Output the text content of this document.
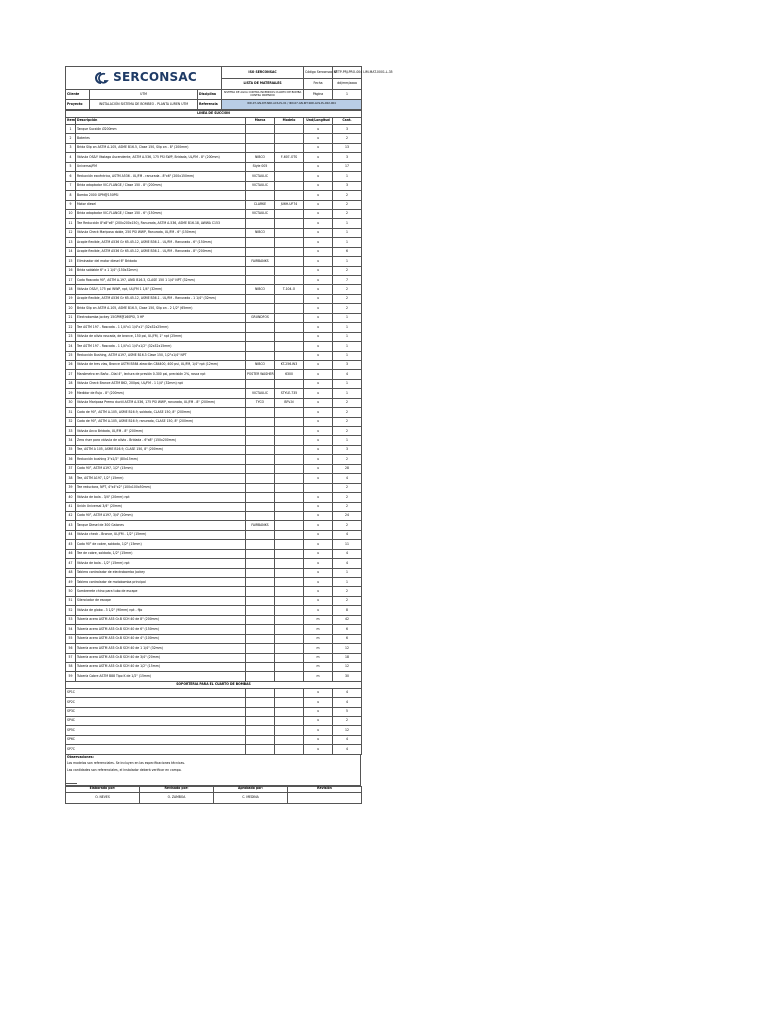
SERCONSAC			ISO SERCONSAC	Código Serconsac N°	SETP-PRJ-PRO-004 LIM-MAT-0001-L-35
			LISTA DE MATERIALES	Fecha	dd/mm/aaaa
Cliente	UTM	Disciplina	SISTEMA DE AGUA CONTRA INCENDIOS CUARTO DE BOMBA CONTRA INCENDIO	Página	1
Proyecto	INSTALACIÓN SISTEMA DE BOMBEO - PLANTA LUREN UTM	Referencia	IRD-07-GN-RIT-SRD-ACS-PL-01 / IRD-07-GN-RIT-SRD-ACS-PL-002-004		
LINEA DE SUCCION					
Item	Descripción	Marca	Modelo	Und/Longitud	Cant.
1	Tanque Sucxión Ø200mm			u	3
2	Bateries			u	2
3	Brida Slip on ASTM A-105, ASME B16.5, Clase 150, Slip on - 8" (200mm)			u	13
4	Válvula OS&Y Vástago Ascendente, ASTM A-536, 175 PSI SWP, Bridada, UL/FM - 8" (200mm)	NIBCO	F-607-OTS	u	3
5	Universal/FM	Style 005		u	17
6	Reducción excéntrica, ASTM A536 - UL/FM - ranurada - 8"x6" (200x150mm)	VICTAULIC		u	1
7	Brida adaptador VIC-FLANGE / Clase 150 - 8" (200mm)	VICTAULIC		u	3
8	Bomba 2000 GPM@150PSI			u	2
9	Motor diesel	CLARKE	JU6H-UF74	u	2
10	Brida adaptador VIC-FLANGE / Clase 150 - 6" (150mm)	VICTAULIC		u	2
11	Tee Reducción 8"x8"x6" (200x200x150), Ranurada, ASTM A-536, ASME B16.18, AWWA C153			u	1
12	Válvula Check Mariposa doble, 250 PSI WWP, Ranurada, UL/FM - 6" (150mm)	NIBCO		u	1
13	Acople flexible, ASTM A536 Gr 65-45-12, ASME B36.1 - UL/FM - Ranurado - 6" (150mm)			u	1
14	Acople flexible, ASTM A536 Gr 65-45-12, ASME B36.1 - UL/FM - Ranurado - 8" (200mm)			u	6
15	Eliminador del motor diesel 6" Bridado	FAIRBANKS		u	1
16	Brida soldable 6" x 1 1/4" (150x32mm)			u	2
17	Codo Roscado 90°, ASTM A-197, ANSI B16.3, CLASE 150 1 1/4" NPT (32mm)			u	7
18	Válvula OS&Y, 175 psi WWP, npt, UL/FM 1 1/4" (32mm)	NIBCO	T-104-O	u	2
19	Acople flexible, ASTM A536 Gr 65-45-12, ASME B36.1 - UL/FM - Ranurado - 1 1/4" (32mm)			u	2
20	Brida Slip on ASTM A-105, ASME B16.5, Clase 150, Slip on - 2 1/2" (65mm)			u	2
21	Electrobomba jockey 15GPM@160PSI, 3 HP	GRUNDFOS		u	1
22	Tee ASTM 197 - Roscada - 1 1/4"x1 1/4"x1" (32x32x25mm)			u	1
23	Válvula de alivio roscada, de bronce, 150 psi, UL/FM, 1" npt (25mm)			u	1
24	Tee ASTM 197 - Roscada - 1 1/4"x1 1/4"x1/2" (32x32x15mm)			u	1
25	Reducción Bushing, ASTM A197, ASME B16.3 Clase 150, 1/2"x1/4" NPT			u	1
26	Válvula de tres vías, Bronce ASTM B584 aleación C84400, 400 psi, UL/FM, 1/4" npt (12mm)	NIBCO	KT-256-W3	u	3
27	Manómetro en Baño - Dial 4", lectura de presión 0-300 psi, precisión 2%, rosca npt	POSTER WASHER	6300	u	4
28	Válvula Check Bronce ASTM B62, 200psi, UL/FM - 1 1/4" (32mm) npt			u	1
29	Medidor de flujo - 8" (200mm)	VICTAULIC	STYLE-735	u	1
30	Válvula Mariposa Premo ductil ASTM A-536, 175 PSI WWP, ranurada, UL/FM - 8" (200mm)	TYCO	BFV-N	u	2
31	Codo de 90°, ASTM A-105, ASME B16.9, soldado, CLASE 150, 8" (200mm)			u	2
32	Codo de 90°, ASTM A-105, ASME B16.9, ranurado, CLASE 150, 8" (200mm)			u	2
33	Válvula Anco Bridada, UL/FM - 8" (200mm)			u	2
34	Zero riser para válvula de alivio - Bridada - 6"x8" (150x200mm)			u	1
35	Tee, ASTM A 105, ASME B16.9, CLASE 150, 8" (200mm)			u	3
36	Reducción bushing 3"x1/2" (80x15mm)			u	2
37	Codo 90°, ASTM A197, 1/2" (15mm)			u	28
38	Tee, ASTM A197, 1/2" (15mm)			u	4
39	Tee reductora, NPT, 4"x4"x2" (100x100x50mm)				2
40	Válvula de bola - 3/4" (20mm) npt			u	2
41	Unión Universal 3/4" (20mm)			u	2
42	Codo 90°, ASTM A197, 3/4" (20mm)			u	24
43	Tanque Diesel de 300 Galones	FAIRBANKS		u	2
44	Válvula check - Bronce, UL/FM - 1/2" (15mm)			u	4
45	Codo 90° de cobre, soldado, 1/2" (15mm)			u	11
46	Tee de cobre, soldado, 1/2" (15mm)			u	4
47	Válvula de bola - 1/2" (15mm) npt			u	4
48	Tablero controlador de electrobomba Jockey			u	1
49	Tablero controlador de motobomba principal			u	1
50	Sombrerete chino para tubo de escape			u	2
51	Silenciador de escape			u	2
52	Válvula de globo - 3 1/2" (90mm) npt - fijo			u	8
53	Tubería acero ASTM A53 Gr.B SCH 40 de 8" (200mm)			m	42
54	Tubería acero ASTM A53 Gr.B SCH 40 de 6" (150mm)			m	6
55	Tubería acero ASTM A53 Gr.B SCH 40 de 4" (100mm)			m	6
56	Tubería acero ASTM A53 Gr.B SCH 40 de 1 1/4" (32mm)			m	12
57	Tubería acero ASTM A53 Gr.B SCH 40 de 3/4" (20mm)			m	18
58	Tubería acero ASTM A53 Gr.B SCH 40 de 1/2" (15mm)			m	12
59	Tubería Cobre ASTM B88 Tipo K de 1/2" (15mm)			m	30
SOPORTERIA PARA EL CUARTO DE BOMBAS					
SP1C				u	4
SP2C				u	4
SP3C				u	5
SP4C				u	2
SP5C				u	12
SP6C				u	4
SP7C				u	4
Observaciones:
Los modelos son referenciales. Se incluyen en las especificaciones técnicas.
Las cantidades son referenciales, el instalador deberá verificar en campo.
Elaborado por:	Revisado por:	Aprobado por:	Revisión
O. NEVES	O. ZAMBOA	C. MEDINA	
